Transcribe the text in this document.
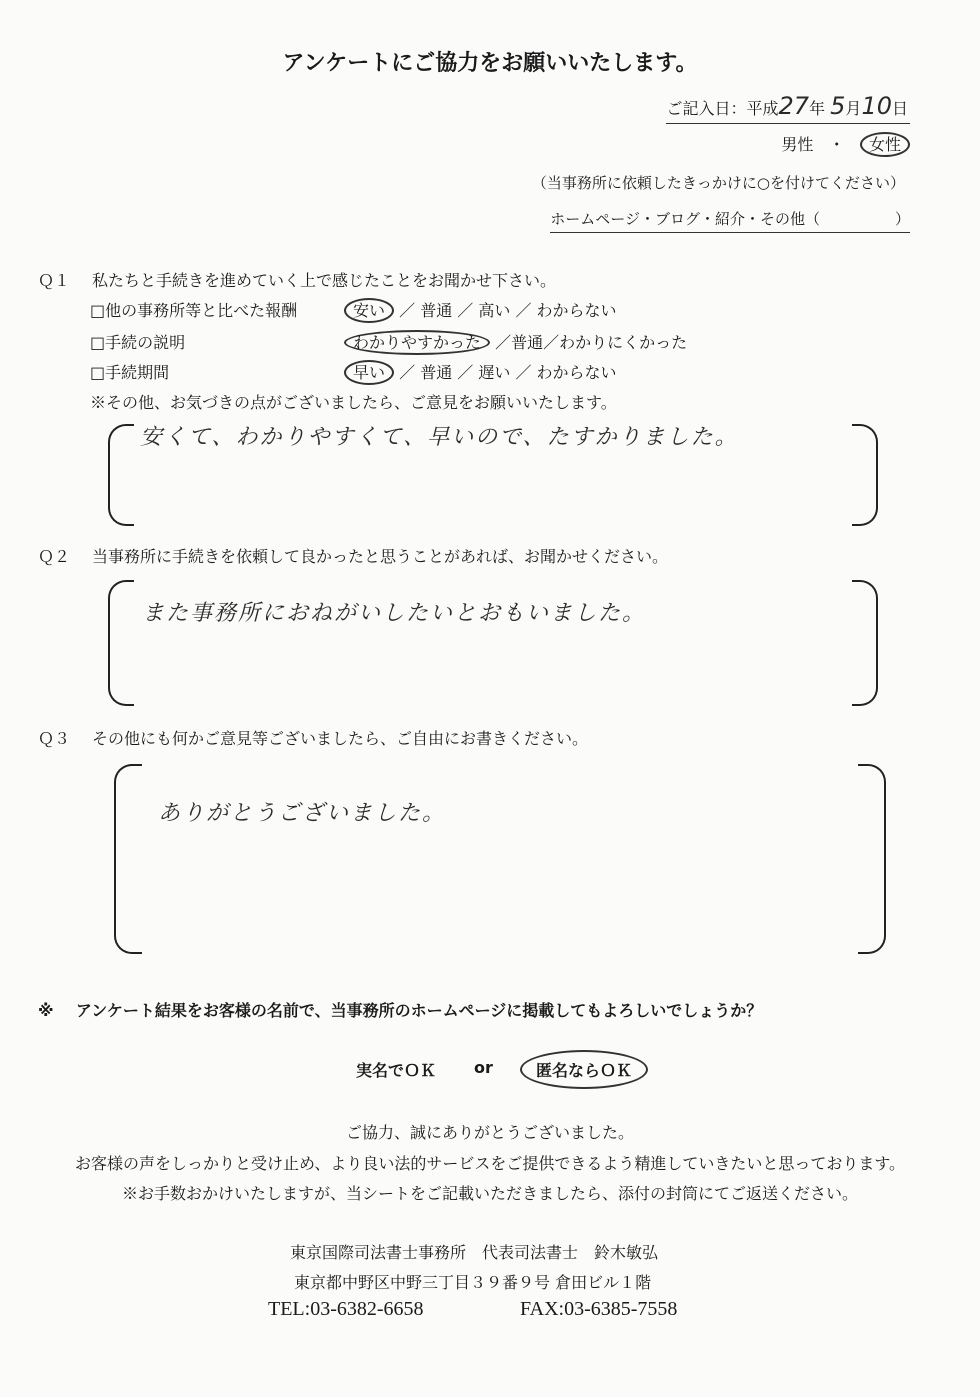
アンケートにご協力をお願いいたします。
ご記入日：平成27年 5月10日
男性 ・ 女性
（当事務所に依頼したきっかけに○を付けてください）
ホームページ・ブログ・紹介・その他（　　　　　）
Ｑ１ 私たちと手続きを進めていく上で感じたことをお聞かせ下さい。
□他の事務所等と比べた報酬	安い ／ 普通 ／ 高い ／ わからない
□手続の説明	わかりやすかった ／普通／わかりにくかった
□手続期間	早い ／ 普通 ／ 遅い ／ わからない
※その他、お気づきの点がございましたら、ご意見をお願いいたします。
安くて、わかりやすくて、早いので、たすかりました。
Ｑ２ 当事務所に手続きを依頼して良かったと思うことがあれば、お聞かせください。
また事務所におねがいしたいとおもいました。
Ｑ３ その他にも何かご意見等ございましたら、ご自由にお書きください。
ありがとうございました。
※ アンケート結果をお客様の名前で、当事務所のホームページに掲載してもよろしいでしょうか？
実名でＯＫ or	匿名ならＯＫ
ご協力、誠にありがとうございました。
お客様の声をしっかりと受け止め、より良い法的サービスをご提供できるよう精進していきたいと思っております。
※お手数おかけいたしますが、当シートをご記載いただきましたら、添付の封筒にてご返送ください。
東京国際司法書士事務所　代表司法書士　鈴木敏弘
東京都中野区中野三丁目３９番９号 倉田ビル１階
TEL:03-6382-6658	FAX:03-6385-7558
